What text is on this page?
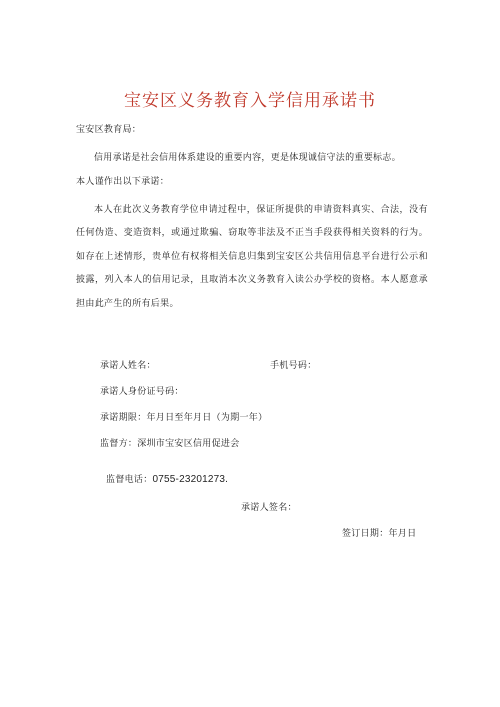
宝安区义务教育入学信用承诺书
宝安区教育局：
信用承诺是社会信用体系建设的重要内容，更是体现诚信守法的重要标志。
本人谨作出以下承诺：
本人在此次义务教育学位申请过程中，保证所提供的申请资料真实、合法，没有任何伪造、变造资料，或通过欺骗、窃取等非法及不正当手段获得相关资料的行为。如存在上述情形，贵单位有权将相关信息归集到宝安区公共信用信息平台进行公示和披露，列入本人的信用记录，且取消本次义务教育入读公办学校的资格。本人愿意承担由此产生的所有后果。
承诺人姓名：	手机号码：
承诺人身份证号码：
承诺期限：年月日至年月日（为期一年）
监督方：深圳市宝安区信用促进会
监督电话：0755-23201273.
承诺人签名：
签订日期：年月日
